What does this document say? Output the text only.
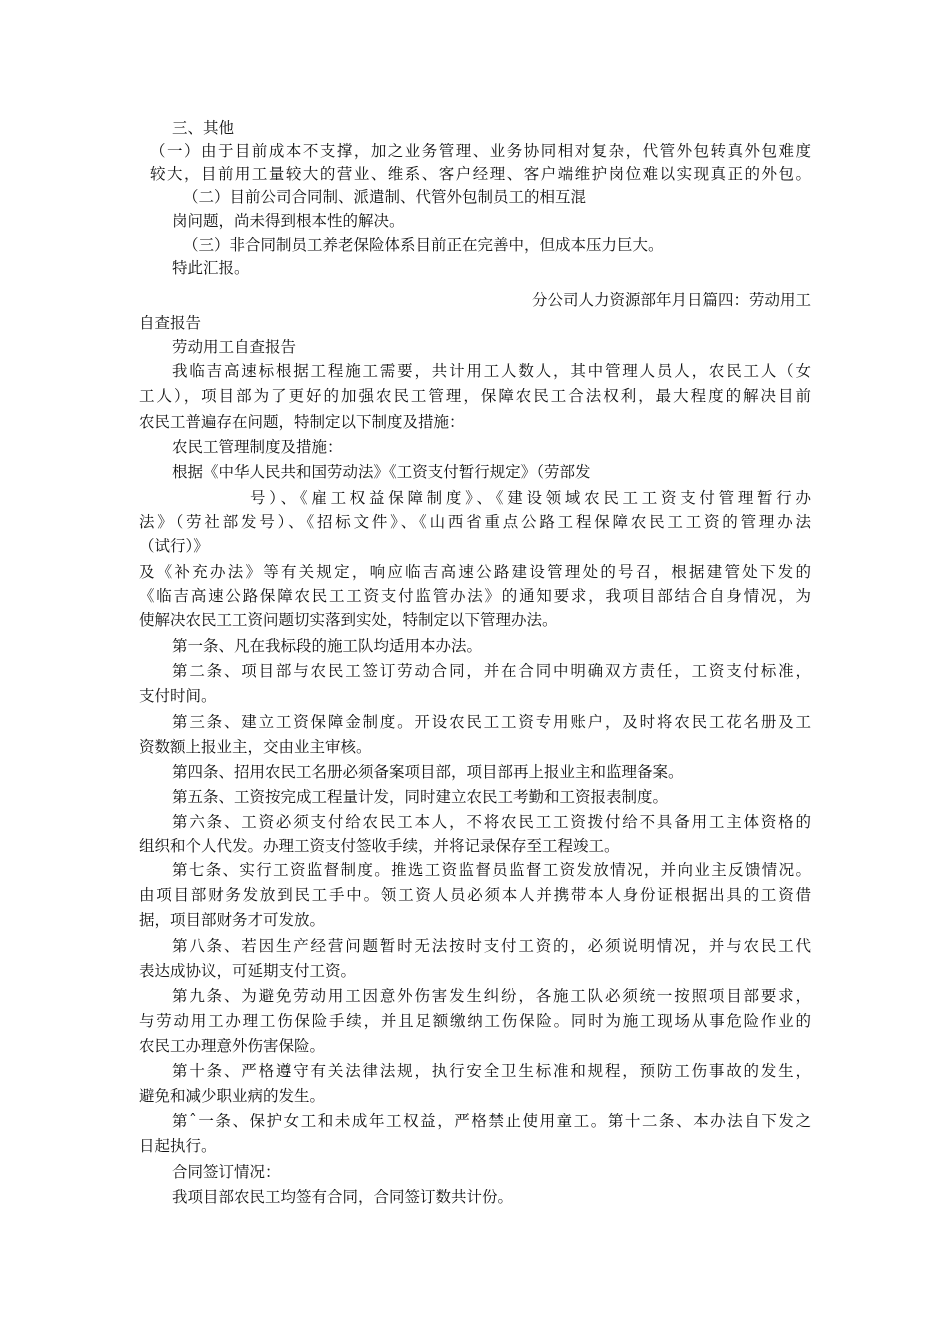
三、其他

（一）由于目前成本不支撑，加之业务管理、业务协同相对复杂，代管外包转真外包难度

较大，目前用工量较大的营业、维系、客户经理、客户端维护岗位难以实现真正的外包。

（二）目前公司合同制、派遣制、代管外包制员工的相互混

岗问题，尚未得到根本性的解决。

（三）非合同制员工养老保险体系目前正在完善中，但成本压力巨大。

特此汇报。

分公司人力资源部年月日篇四：劳动用工

自查报告

劳动用工自查报告

我临吉高速标根据工程施工需要，共计用工人数人，其中管理人员人，农民工人（女

工人），项目部为了更好的加强农民工管理，保障农民工合法权利，最大程度的解决目前

农民工普遍存在问题，特制定以下制度及措施：

农民工管理制度及措施：

根据《中华人民共和国劳动法》《工资支付暂行规定》（劳部发

号）、《雇工权益保障制度》、《建设领域农民工工资支付管理暂行办

法》（劳社部发号）、《招标文件》、《山西省重点公路工程保障农民工工资的管理办法

（试行）》

及《补充办法》等有关规定，响应临吉高速公路建设管理处的号召，根据建管处下发的

《临吉高速公路保障农民工工资支付监管办法》的通知要求，我项目部结合自身情况，为

使解决农民工工资问题切实落到实处，特制定以下管理办法。

第一条、凡在我标段的施工队均适用本办法。

第二条、项目部与农民工签订劳动合同，并在合同中明确双方责任，工资支付标准，

支付时间。

第三条、建立工资保障金制度。开设农民工工资专用账户，及时将农民工花名册及工

资数额上报业主，交由业主审核。

第四条、招用农民工名册必须备案项目部，项目部再上报业主和监理备案。

第五条、工资按完成工程量计发，同时建立农民工考勤和工资报表制度。

第六条、工资必须支付给农民工本人，不将农民工工资拨付给不具备用工主体资格的

组织和个人代发。办理工资支付签收手续，并将记录保存至工程竣工。

第七条、实行工资监督制度。推选工资监督员监督工资发放情况，并向业主反馈情况。

由项目部财务发放到民工手中。领工资人员必须本人并携带本人身份证根据出具的工资借

据，项目部财务才可发放。

第八条、若因生产经营问题暂时无法按时支付工资的，必须说明情况，并与农民工代

表达成协议，可延期支付工资。

第九条、为避免劳动用工因意外伤害发生纠纷，各施工队必须统一按照项目部要求，

与劳动用工办理工伤保险手续，并且足额缴纳工伤保险。同时为施工现场从事危险作业的

农民工办理意外伤害保险。

第十条、严格遵守有关法律法规，执行安全卫生标准和规程，预防工伤事故的发生，

避免和减少职业病的发生。

第ˆ一条、保护女工和未成年工权益，严格禁止使用童工。第十二条、本办法自下发之

日起执行。

合同签订情况：

我项目部农民工均签有合同，合同签订数共计份。
